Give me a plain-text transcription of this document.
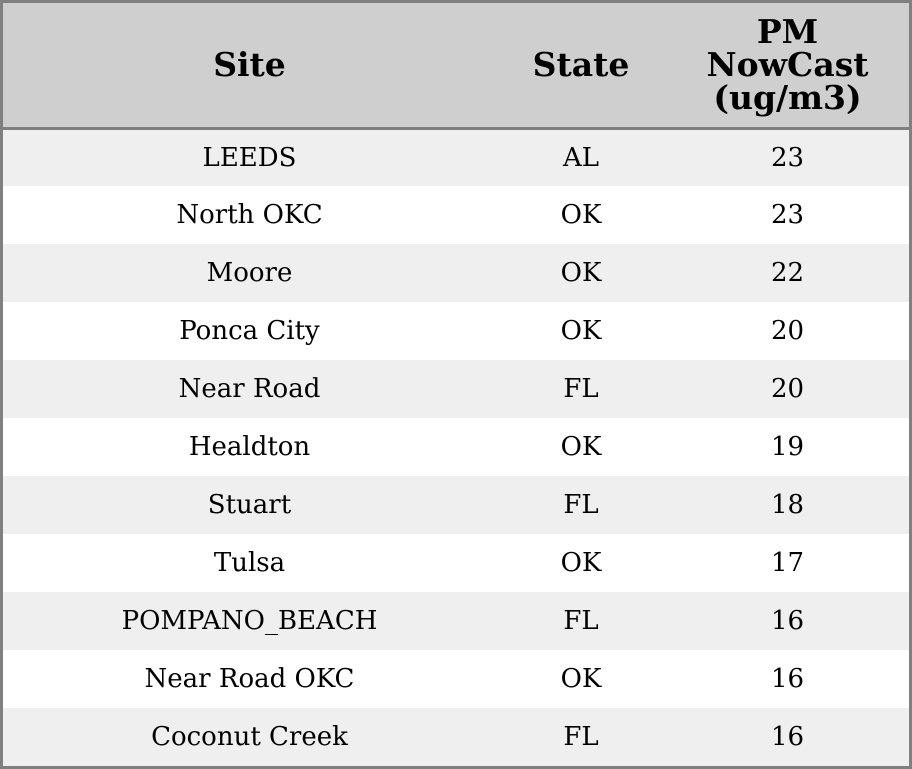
Site	State	PM
NowCast
(ug/m3)
LEEDS	AL	23
North OKC	OK	23
Moore	OK	22
Ponca City	OK	20
Near Road	FL	20
Healdton	OK	19
Stuart	FL	18
Tulsa	OK	17
POMPANO_BEACH	FL	16
Near Road OKC	OK	16
Coconut Creek	FL	16
